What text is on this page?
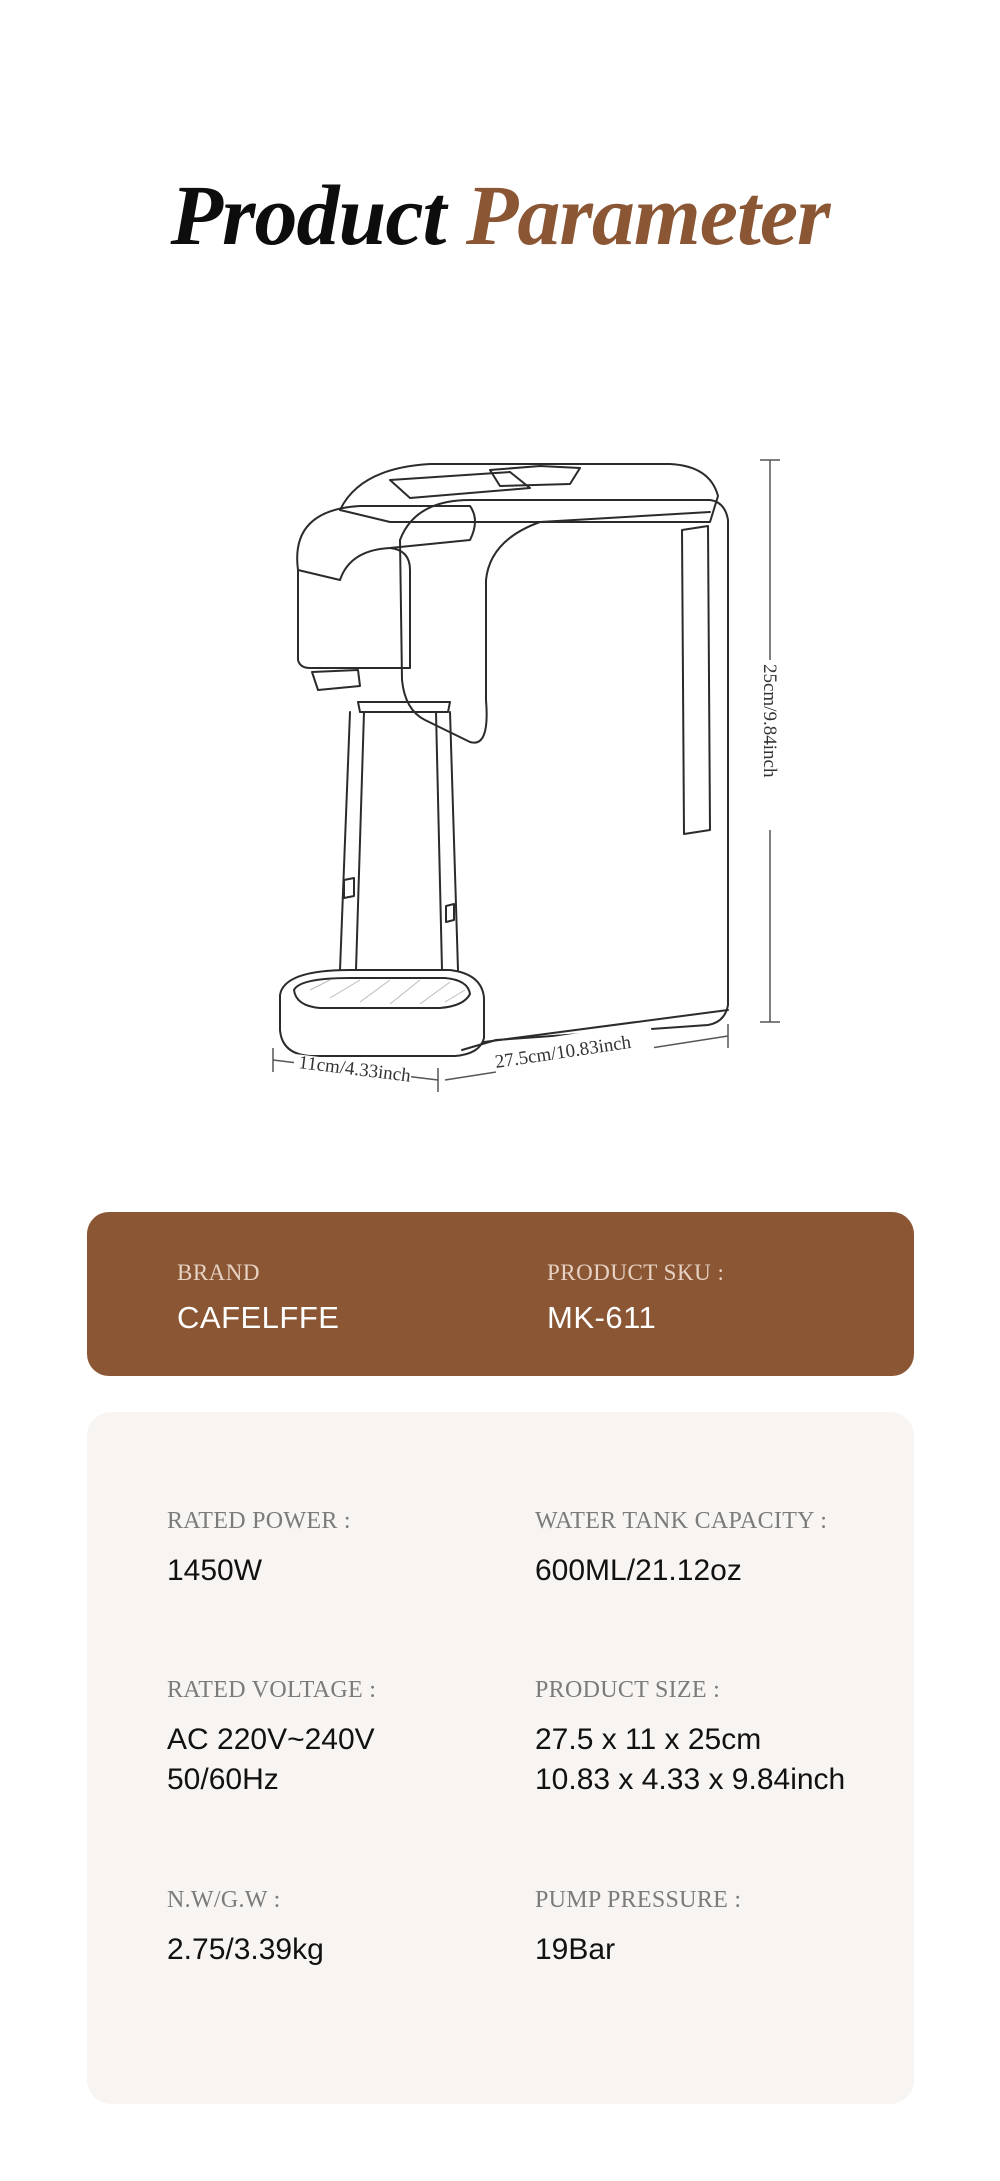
Product Parameter
25cm/9.84inch
11cm/4.33inch	27.5cm/10.83inch
BRAND
CAFELFFE
PRODUCT SKU :
MK-611
RATED POWER :
1450W
WATER TANK CAPACITY :
600ML/21.12oz
RATED VOLTAGE :
AC 220V~240V
50/60Hz
PRODUCT SIZE :
27.5 x 11 x 25cm
10.83 x 4.33 x 9.84inch
N.W/G.W :
2.75/3.39kg
PUMP PRESSURE :
19Bar
